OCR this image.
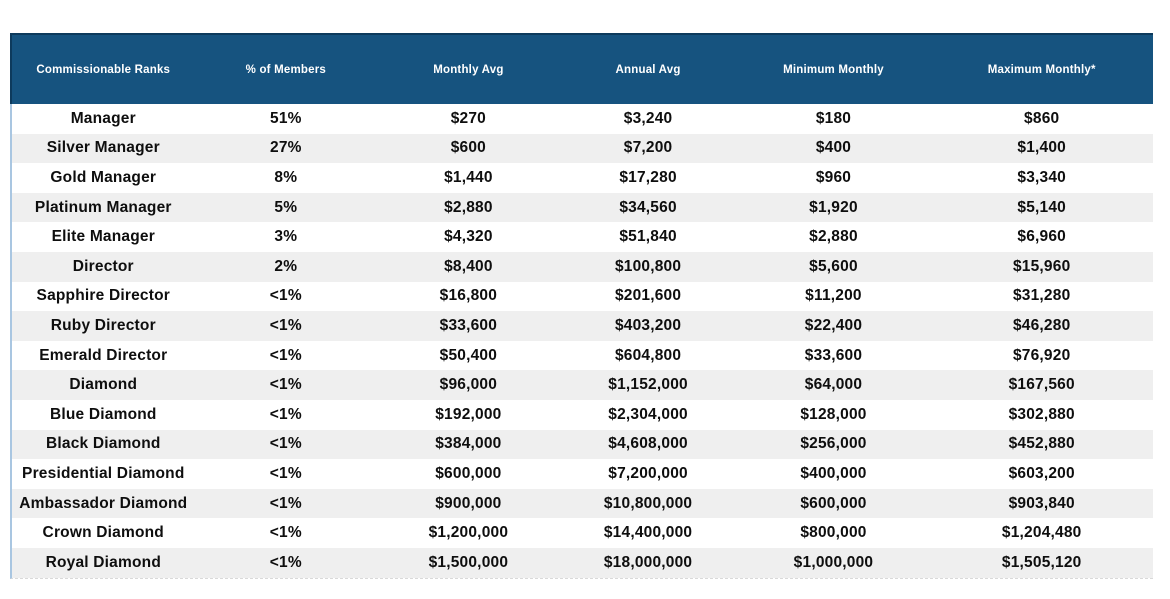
Commissionable Ranks	% of Members	Monthly Avg	Annual Avg	Minimum Monthly	Maximum Monthly*
Manager	51%	$270	$3,240	$180	$860
Silver Manager	27%	$600	$7,200	$400	$1,400
Gold Manager	8%	$1,440	$17,280	$960	$3,340
Platinum Manager	5%	$2,880	$34,560	$1,920	$5,140
Elite Manager	3%	$4,320	$51,840	$2,880	$6,960
Director	2%	$8,400	$100,800	$5,600	$15,960
Sapphire Director	<1%	$16,800	$201,600	$11,200	$31,280
Ruby Director	<1%	$33,600	$403,200	$22,400	$46,280
Emerald Director	<1%	$50,400	$604,800	$33,600	$76,920
Diamond	<1%	$96,000	$1,152,000	$64,000	$167,560
Blue Diamond	<1%	$192,000	$2,304,000	$128,000	$302,880
Black Diamond	<1%	$384,000	$4,608,000	$256,000	$452,880
Presidential Diamond	<1%	$600,000	$7,200,000	$400,000	$603,200
Ambassador Diamond	<1%	$900,000	$10,800,000	$600,000	$903,840
Crown Diamond	<1%	$1,200,000	$14,400,000	$800,000	$1,204,480
Royal Diamond	<1%	$1,500,000	$18,000,000	$1,000,000	$1,505,120
